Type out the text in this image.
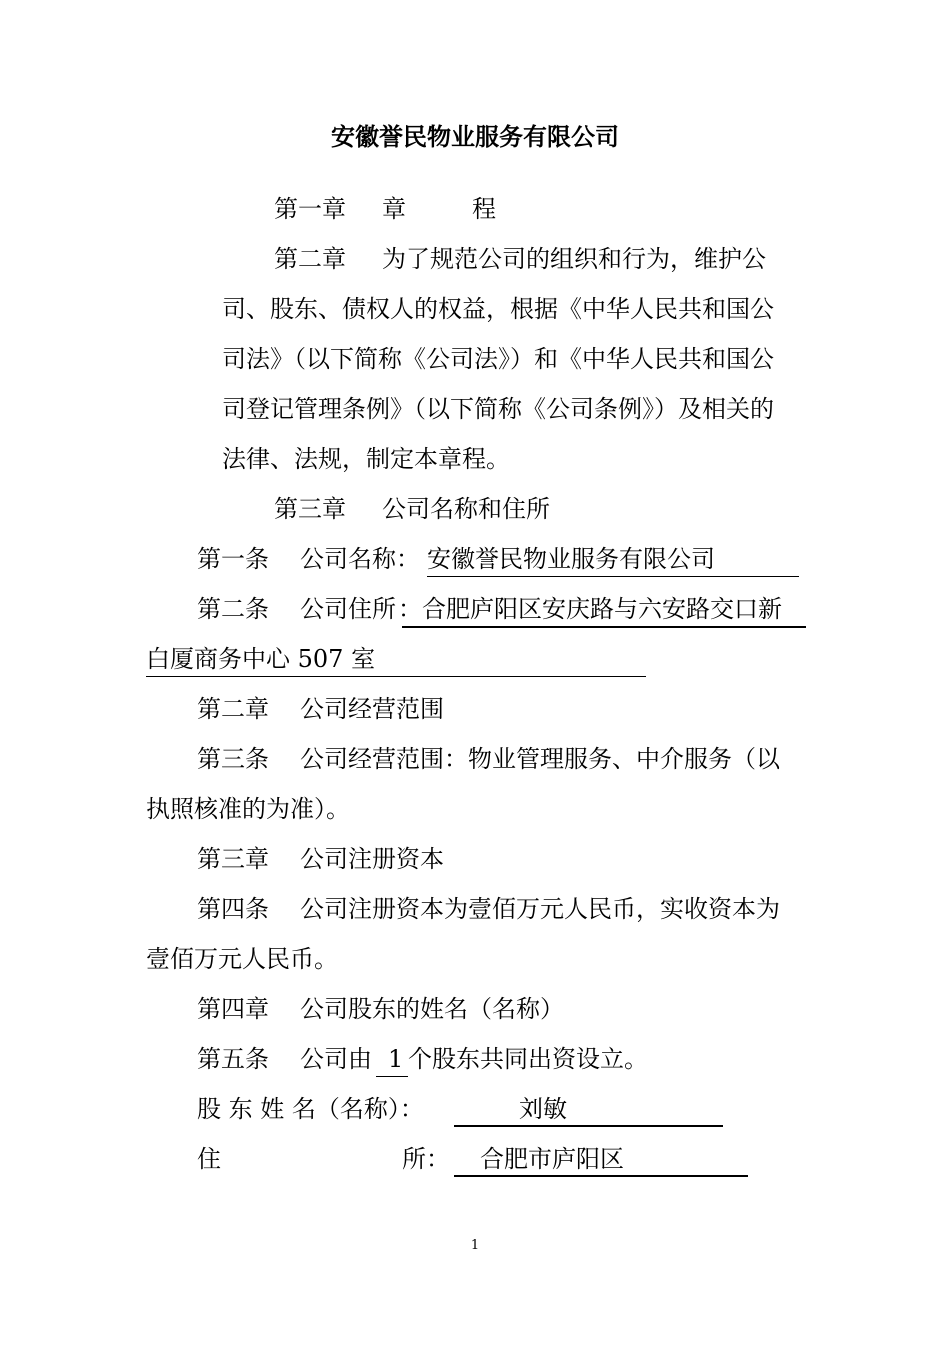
安徽誉民物业服务有限公司
第一章 章	程
第二章 为了规范公司的组织和行为，维护公
司、股东、债权人的权益，根据《中华人民共和国公
司法》（以下简称《公司法》）和《中华人民共和国公
司登记管理条例》（以下简称《公司条例》）及相关的
法律、法规，制定本章程。
第三章 公司名称和住所
第一条 公司名称： 安徽誉民物业服务有限公司
第二条 公司住所 ：合肥庐阳区安庆路与六安路交口新
白厦商务中心 507 室
第二章 公司经营范围
第三条 公司经营范围：物业管理服务、中介服务（以
执照核准的为准）。
第三章 公司注册资本
第四条 公司注册资本为壹佰万元人民币，实收资本为
壹佰万元人民币。
第四章 公司股东的姓名（名称）
第五条 公司由 1 个股东共同出资设立。
股 东 姓 名（名称）：	刘敏
住	所： 合肥市庐阳区
1
